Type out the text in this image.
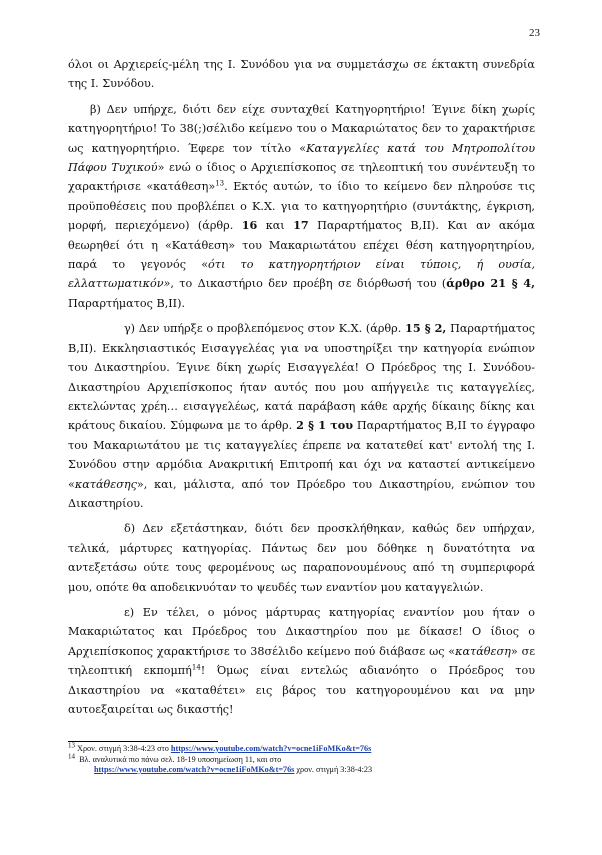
23

όλοι οι Αρχιερείς-μέλη της Ι. Συνόδου για να συμμετάσχω σε έκτακτη συνεδρία της Ι. Συνόδου.

β) Δεν υπήρχε, διότι δεν είχε συνταχθεί Κατηγορητήριο! Έγινε δίκη χωρίς κατηγορητήριο! Το 38(;)σέλιδο κείμενο του ο Μακαριώτατος δεν το χαρακτήρισε ως κατηγορητήριο. Έφερε τον τίτλο «Καταγγελίες κατά του Μητροπολίτου Πάφου Τυχικού» ενώ ο ίδιος ο Αρχιεπίσκοπος σε τηλεοπτική του συνέντευξη το χαρακτήρισε «κατάθεση»$^{13}$. Εκτός αυτών, το ίδιο το κείμενο δεν πληρούσε τις προϋποθέσεις που προβλέπει ο Κ.Χ. για το κατηγορητήριο (συντάκτης, έγκριση, μορφή, περιεχόμενο) (άρθρ. 16 και 17 Παραρτήματος Β,ΙΙ). Και αν ακόμα θεωρηθεί ότι η «Κατάθεση» του Μακαριωτάτου επέχει θέση κατηγορητηρίου, παρά το γεγονός «ότι το κατηγορητήριον είναι τύποις, ή ουσία, ελλαττωματικόν», το Δικαστήριο δεν προέβη σε διόρθωσή του (άρθρο 21 § 4, Παραρτήματος Β,ΙΙ).

γ) Δεν υπήρξε ο προβλεπόμενος στον Κ.Χ. (άρθρ. 15 § 2, Παραρτήματος Β,ΙΙ). Εκκλησιαστικός Εισαγγελέας για να υποστηρίξει την κατηγορία ενώπιον του Δικαστηρίου. Έγινε δίκη χωρίς Εισαγγελέα! Ο Πρόεδρος της Ι. Συνόδου-Δικαστηρίου Αρχιεπίσκοπος ήταν αυτός που μου απήγγειλε τις καταγγελίες, εκτελώντας χρέη… εισαγγελέως, κατά παράβαση κάθε αρχής δίκαιης δίκης και κράτους δικαίου. Σύμφωνα με το άρθρ. 2 § 1 του Παραρτήματος Β,ΙΙ το έγγραφο του Μακαριωτάτου με τις καταγγελίες έπρεπε να κατατεθεί κατ' εντολή της Ι. Συνόδου στην αρμόδια Ανακριτική Επιτροπή και όχι να καταστεί αντικείμενο «κατάθεσης», και, μάλιστα, από τον Πρόεδρο του Δικαστηρίου, ενώπιον του Δικαστηρίου.

δ) Δεν εξετάστηκαν, διότι δεν προσκλήθηκαν, καθώς δεν υπήρχαν, τελικά, μάρτυρες κατηγορίας. Πάντως δεν μου δόθηκε η δυνατότητα να αντεξετάσω ούτε τους φερομένους ως παραπονουμένους από τη συμπεριφορά μου, οπότε θα αποδεικνυόταν το ψευδές των εναντίον μου καταγγελιών.

ε) Εν τέλει, ο μόνος μάρτυρας κατηγορίας εναντίον μου ήταν ο Μακαριώτατος και Πρόεδρος του Δικαστηρίου που με δίκασε! Ο ίδιος ο Αρχιεπίσκοπος χαρακτήρισε το 38σέλιδο κείμενο πού διάβασε ως «κατάθεση» σε τηλεοπτική εκπομπή$^{14}$! Όμως είναι εντελώς αδιανόητο ο Πρόεδρος του Δικαστηρίου να «καταθέτει» εις βάρος του κατηγορουμένου και να μην αυτοεξαιρείται ως δικαστής!

$^{13}$ Χρον. στιγμή 3:38-4:23 στο https://www.youtube.com/watch?v=ocne1iFoMKo&t=76s
$^{14}$ Βλ. αναλυτικά πιο πάνω σελ. 18-19 υποσημείωση 11, και στο
https://www.youtube.com/watch?v=ocne1iFoMKo&t=76s χρον. στιγμή 3:38-4:23
